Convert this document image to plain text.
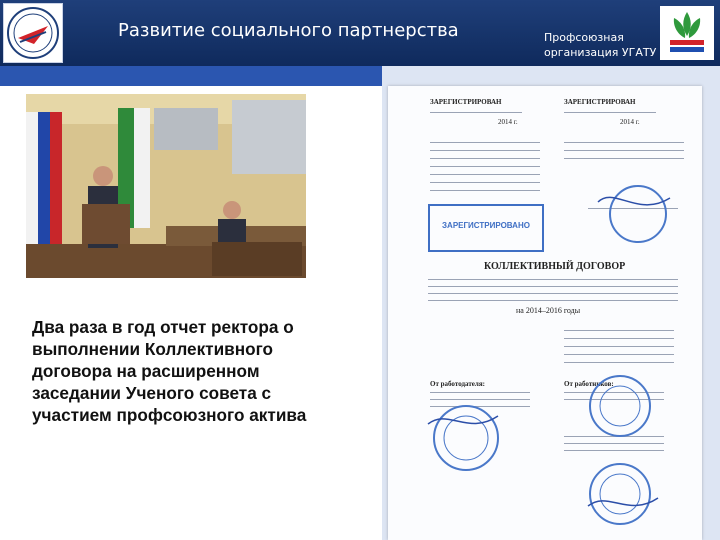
Развитие социального партнерства	Профсоюзная
организация УГАТУ
Два раза в год отчет ректора о
выполнении Коллективного
договора на расширенном
заседании Ученого совета с
участием профсоюзного актива
ЗАРЕГИСТРИРОВАН	ЗАРЕГИСТРИРОВАН
2014 г.	2014 г.
ЗАРЕГИСТРИРОВАНО
КОЛЛЕКТИВНЫЙ ДОГОВОР
на 2014–2016 годы
От работодателя:	От работников:
